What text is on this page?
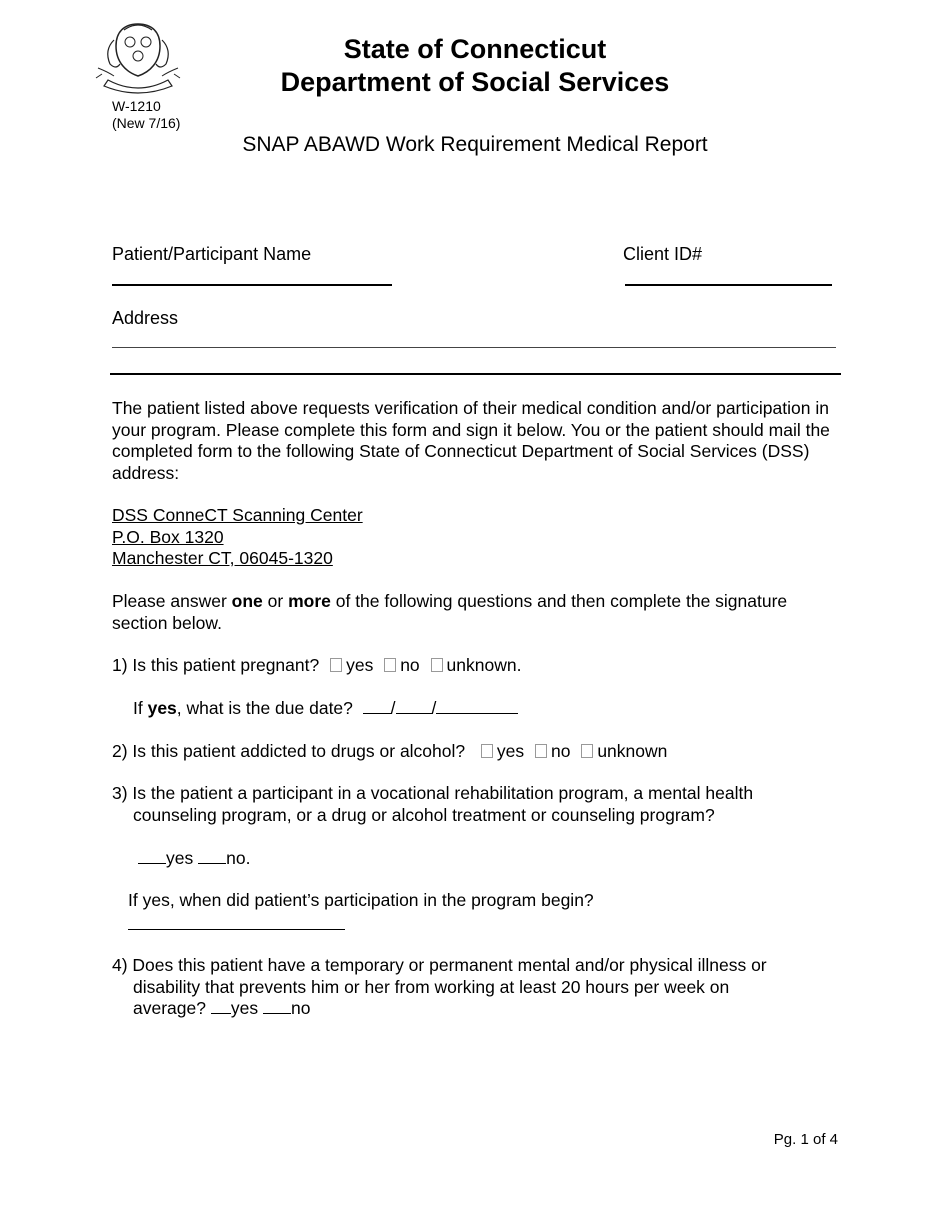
W-1210
(New 7/16)
State of Connecticut
Department of Social Services
SNAP ABAWD Work Requirement Medical Report
Patient/Participant Name	Client ID#
Address
The patient listed above requests verification of their medical condition and/or participation in your program. Please complete this form and sign it below. You or the patient should mail the completed form to the following State of Connecticut Department of Social Services (DSS) address:
DSS ConneCT Scanning Center
P.O. Box 1320
Manchester CT, 06045-1320
Please answer one or more of the following questions and then complete the signature section below.
1) Is this patient pregnant? yes no unknown.
If yes, what is the due date? / /
2) Is this patient addicted to drugs or alcohol? yes no unknown
3) Is the patient a participant in a vocational rehabilitation program, a mental health
counseling program, or a drug or alcohol treatment or counseling program?
yes no.
If yes, when did patient’s participation in the program begin?
4) Does this patient have a temporary or permanent mental and/or physical illness or
disability that prevents him or her from working at least 20 hours per week on
average? yes no
Pg. 1 of 4
